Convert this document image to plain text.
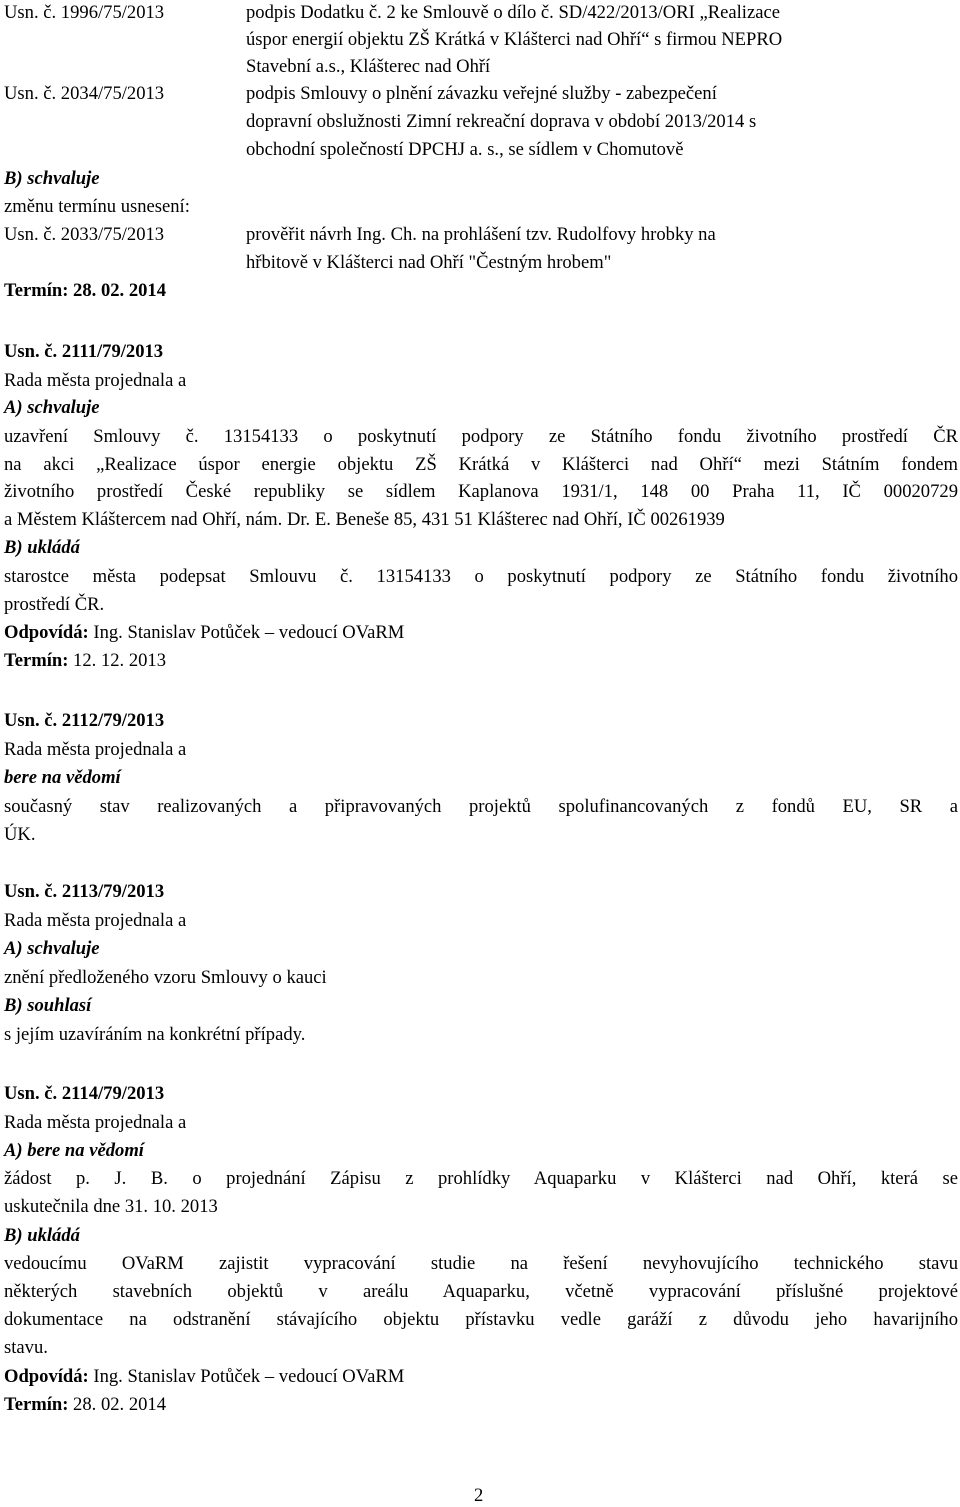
Usn. č. 1996/75/2013	podpis Dodatku č. 2 ke Smlouvě o dílo č. SD/422/2013/ORI „Realizace
úspor energií objektu ZŠ Krátká v Klášterci nad Ohří“ s firmou NEPRO
Stavební a.s., Klášterec nad Ohří
Usn. č. 2034/75/2013	podpis Smlouvy o plnění závazku veřejné služby - zabezpečení
dopravní obslužnosti Zimní rekreační doprava v období 2013/2014 s
obchodní společností DPCHJ a. s., se sídlem v Chomutově
B) schvaluje
změnu termínu usnesení:
Usn. č. 2033/75/2013	prověřit návrh Ing. Ch. na prohlášení tzv. Rudolfovy hrobky na
hřbitově v Klášterci nad Ohří "Čestným hrobem"
Termín: 28. 02. 2014
Usn. č. 2111/79/2013
Rada města projednala a
A) schvaluje
uzavření Smlouvy č. 13154133 o poskytnutí podpory ze Státního fondu životního prostředí ČR
na akci „Realizace úspor energie objektu ZŠ Krátká v Klášterci nad Ohří“ mezi Státním fondem
životního prostředí České republiky se sídlem Kaplanova 1931/1, 148 00 Praha 11, IČ 00020729
a Městem Kláštercem nad Ohří, nám. Dr. E. Beneše 85, 431 51 Klášterec nad Ohří, IČ 00261939
B) ukládá
starostce města podepsat Smlouvu č. 13154133 o poskytnutí podpory ze Státního fondu životního
prostředí ČR.
Odpovídá: Ing. Stanislav Potůček – vedoucí OVaRM
Termín: 12. 12. 2013
Usn. č. 2112/79/2013
Rada města projednala a
bere na vědomí
současný stav realizovaných a připravovaných projektů spolufinancovaných z fondů EU, SR a
ÚK.
Usn. č. 2113/79/2013
Rada města projednala a
A) schvaluje
znění předloženého vzoru Smlouvy o kauci
B) souhlasí
s jejím uzavíráním na konkrétní případy.
Usn. č. 2114/79/2013
Rada města projednala a
A) bere na vědomí
žádost p. J. B. o projednání Zápisu z prohlídky Aquaparku v Klášterci nad Ohří, která se
uskutečnila dne 31. 10. 2013
B) ukládá
vedoucímu OVaRM zajistit vypracování studie na řešení nevyhovujícího technického stavu
některých stavebních objektů v areálu Aquaparku, včetně vypracování příslušné projektové
dokumentace na odstranění stávajícího objektu přístavku vedle garáží z důvodu jeho havarijního
stavu.
Odpovídá: Ing. Stanislav Potůček – vedoucí OVaRM
Termín: 28. 02. 2014
2
